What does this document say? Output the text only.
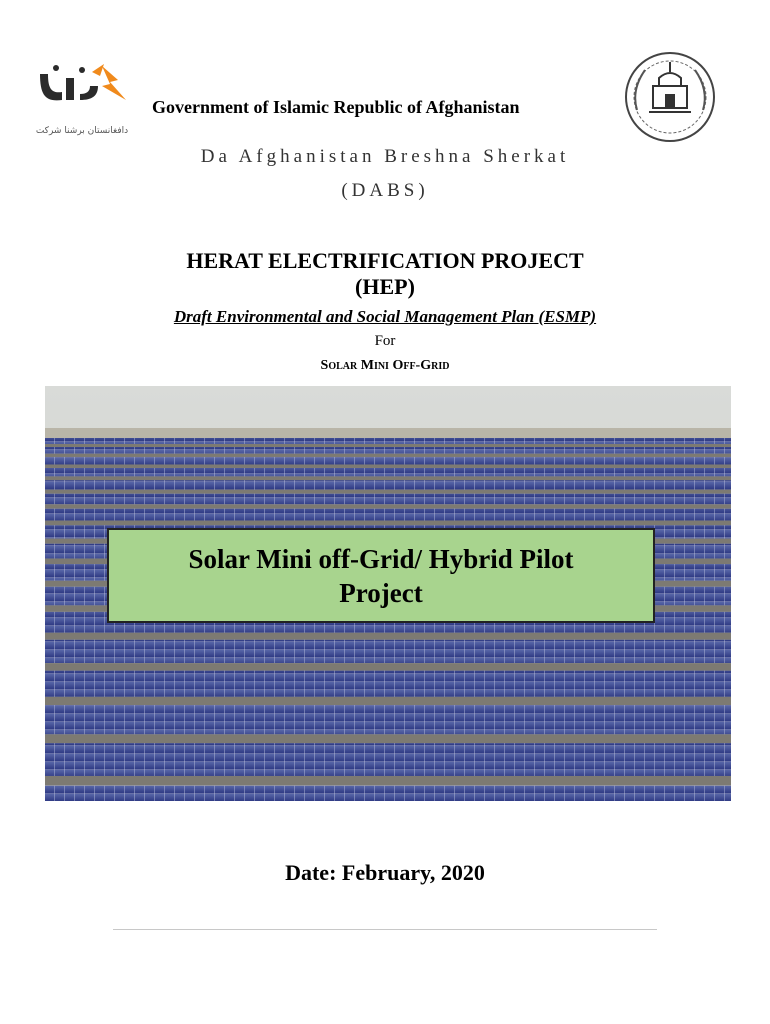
دافغانستان برشنا شرکت
Government of Islamic Republic of Afghanistan
Da Afghanistan Breshna Sherkat
(DABS)
HERAT ELECTRIFICATION PROJECT
(HEP)
Draft Environmental and Social Management Plan (ESMP)
For
Solar Mini Off-Grid
Solar Mini off-Grid/ Hybrid Pilot Project
Date: February, 2020
